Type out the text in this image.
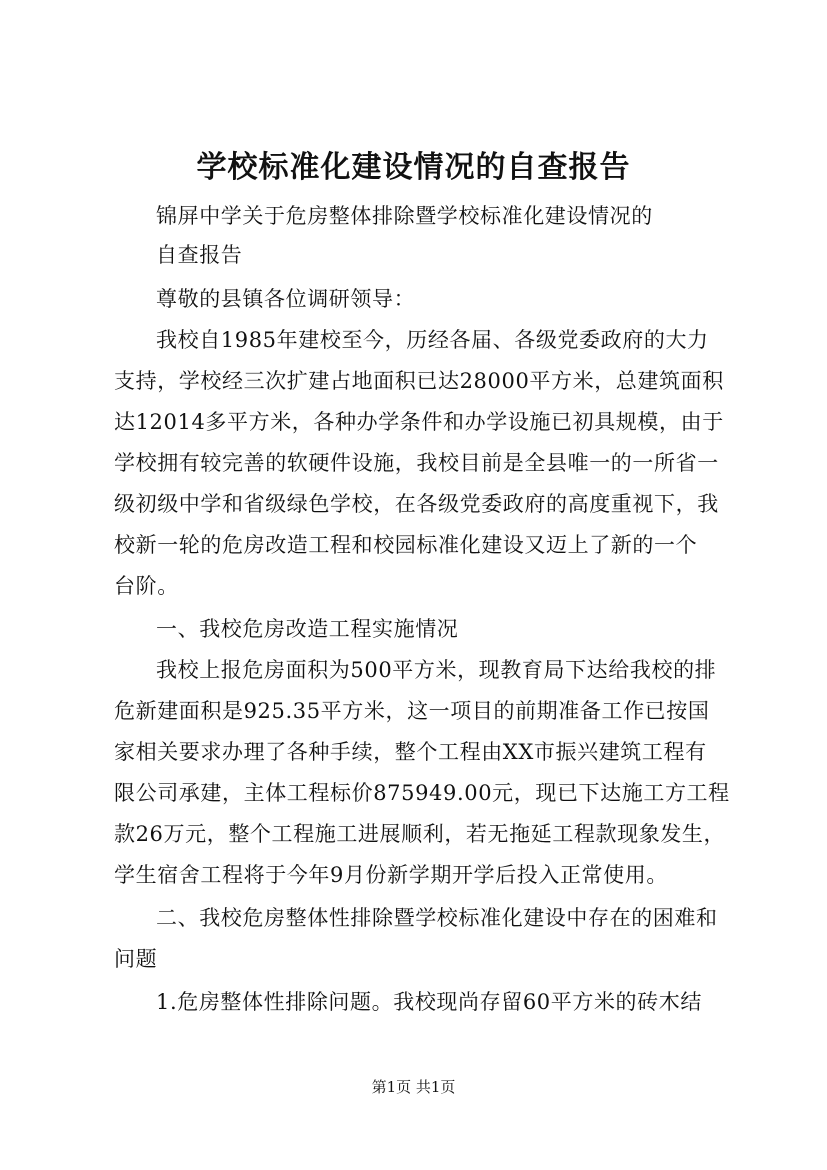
学校标准化建设情况的自查报告
锦屏中学关于危房整体排除暨学校标准化建设情况的
自查报告
尊敬的县镇各位调研领导：
我校自1985年建校至今，历经各届、各级党委政府的大力
支持，学校经三次扩建占地面积已达28000平方米，总建筑面积
达12014多平方米，各种办学条件和办学设施已初具规模，由于
学校拥有较完善的软硬件设施，我校目前是全县唯一的一所省一
级初级中学和省级绿色学校，在各级党委政府的高度重视下，我
校新一轮的危房改造工程和校园标准化建设又迈上了新的一个
台阶。
一、我校危房改造工程实施情况
我校上报危房面积为500平方米，现教育局下达给我校的排
危新建面积是925.35平方米，这一项目的前期准备工作已按国
家相关要求办理了各种手续，整个工程由XX市振兴建筑工程有
限公司承建，主体工程标价875949.00元，现已下达施工方工程
款26万元，整个工程施工进展顺利，若无拖延工程款现象发生，
学生宿舍工程将于今年9月份新学期开学后投入正常使用。
二、我校危房整体性排除暨学校标准化建设中存在的困难和
问题
1.危房整体性排除问题。我校现尚存留60平方米的砖木结
第1页 共1页
